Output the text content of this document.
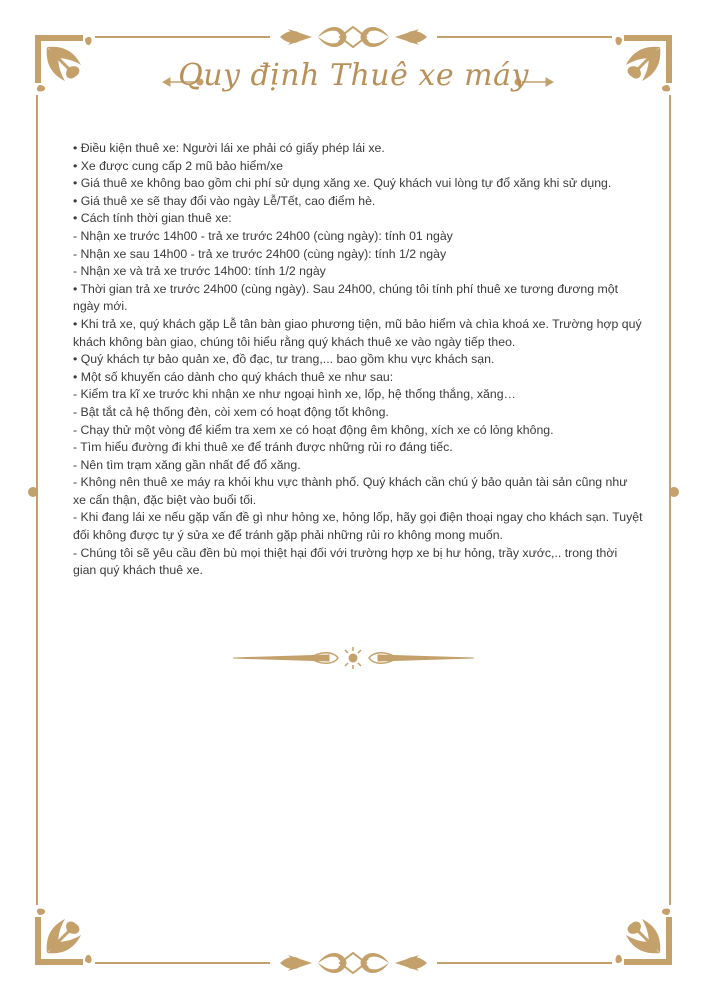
Quy định Thuê xe máy

• Điều kiện thuê xe: Người lái xe phải có giấy phép lái xe.

• Xe được cung cấp 2 mũ bảo hiểm/xe

• Giá thuê xe không bao gồm chi phí sử dụng xăng xe. Quý khách vui lòng tự đổ xăng khi sử dụng.

• Giá thuê xe sẽ thay đổi vào ngày Lễ/Tết, cao điểm hè.

• Cách tính thời gian thuê xe:

- Nhận xe trước 14h00 - trả xe trước 24h00 (cùng ngày): tính 01 ngày

- Nhận xe sau 14h00 - trả xe trước 24h00 (cùng ngày): tính 1/2 ngày

- Nhận xe và trả xe trước 14h00: tính 1/2 ngày

• Thời gian trả xe trước 24h00 (cùng ngày). Sau 24h00, chúng tôi tính phí thuê xe tương đương một ngày mới.

• Khi trả xe, quý khách gặp Lễ tân bàn giao phương tiện, mũ bảo hiểm và chìa khoá xe. Trường hợp quý khách không bàn giao, chúng tôi hiểu rằng quý khách thuê xe vào ngày tiếp theo.

• Quý khách tự bảo quản xe, đồ đạc, tư trang,... bao gồm khu vực khách sạn.

• Một số khuyến cáo dành cho quý khách thuê xe như sau:

- Kiểm tra kĩ xe trước khi nhận xe như ngoại hình xe, lốp, hệ thống thắng, xăng…

- Bật tắt cả hệ thống đèn, còi xem có hoạt động tốt không.

- Chạy thử một vòng để kiểm tra xem xe có hoạt động êm không, xích xe có lỏng không.

- Tìm hiểu đường đi khi thuê xe để tránh được những rủi ro đáng tiếc.

- Nên tìm trạm xăng gần nhất để đổ xăng.

- Không nên thuê xe máy ra khỏi khu vực thành phố. Quý khách cần chú ý bảo quản tài sản cũng như xe cẩn thận, đặc biệt vào buổi tối.

- Khi đang lái xe nếu gặp vấn đề gì như hỏng xe, hỏng lốp, hãy gọi điện thoại ngay cho khách sạn. Tuyệt đối không được tự ý sửa xe để tránh gặp phải những rủi ro không mong muốn.

- Chúng tôi sẽ yêu cầu đền bù mọi thiệt hại đối với trường hợp xe bị hư hỏng, trầy xước,.. trong thời gian quý khách thuê xe.
